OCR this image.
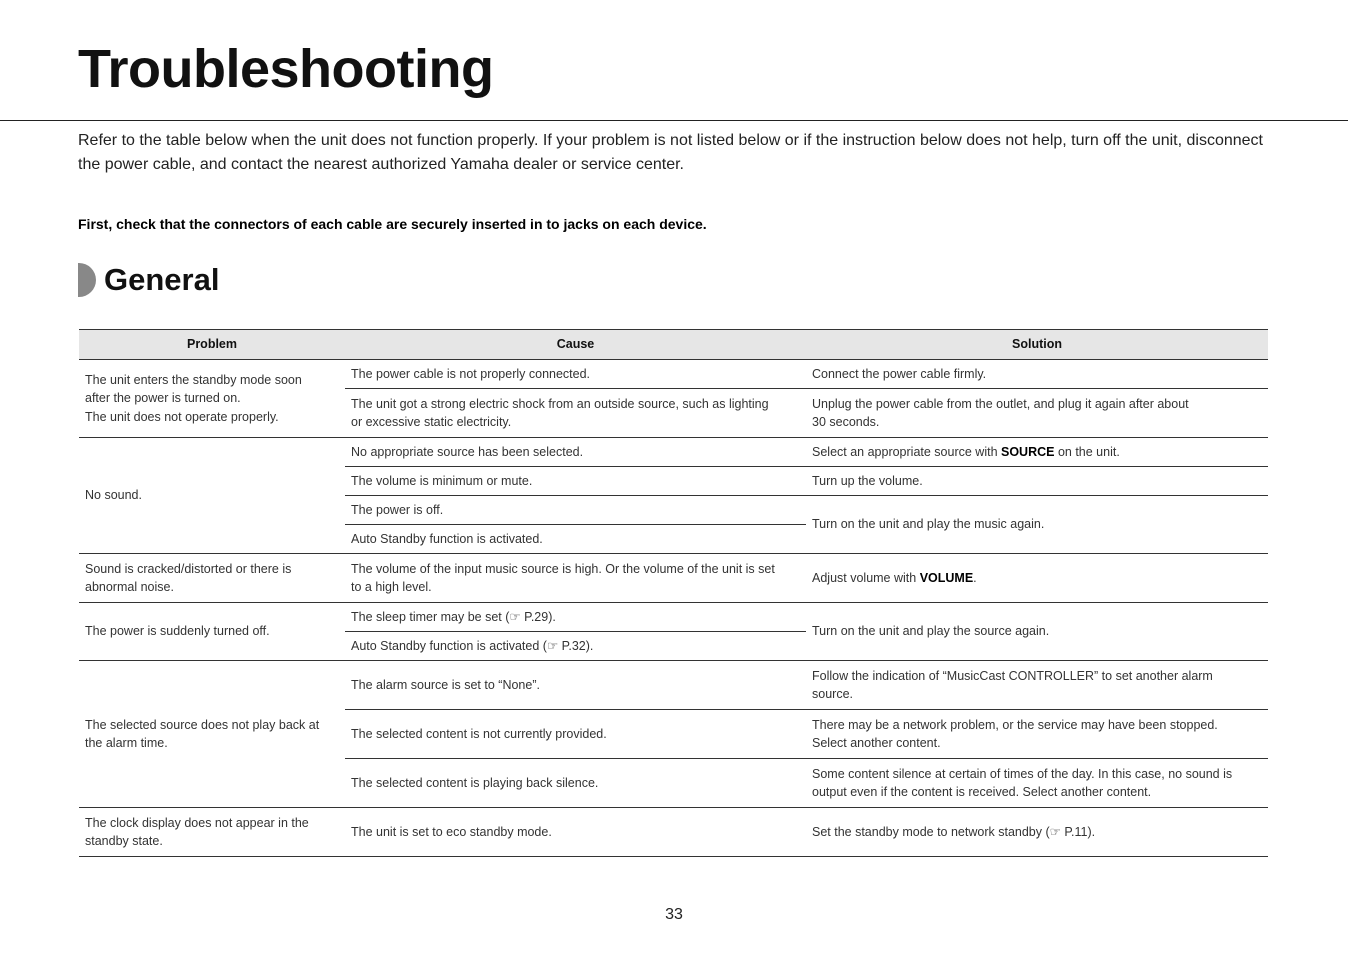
Troubleshooting

Refer to the table below when the unit does not function properly. If your problem is not listed below or if the instruction below does not help, turn off the unit, disconnect the power cable, and contact the nearest authorized Yamaha dealer or service center.

First, check that the connectors of each cable are securely inserted in to jacks on each device.

General
Problem	Cause	Solution
The unit enters the standby mode soon
after the power is turned on.
The unit does not operate properly.	The power cable is not properly connected.	Connect the power cable firmly.
	The unit got a strong electric shock from an outside source, such as lighting
or excessive static electricity.	Unplug the power cable from the outlet, and plug it again after about
30 seconds.
No sound.	No appropriate source has been selected.	Select an appropriate source with SOURCE on the unit.
	The volume is minimum or mute.	Turn up the volume.
	The power is off.	Turn on the unit and play the music again.
	Auto Standby function is activated.	
Sound is cracked/distorted or there is
abnormal noise.	The volume of the input music source is high. Or the volume of the unit is set
to a high level.	Adjust volume with VOLUME.
The power is suddenly turned off.	The sleep timer may be set (☞ P.29).	Turn on the unit and play the source again.
	Auto Standby function is activated (☞ P.32).	
The selected source does not play back at
the alarm time.	The alarm source is set to “None”.	Follow the indication of “MusicCast CONTROLLER” to set another alarm
source.
	The selected content is not currently provided.	There may be a network problem, or the service may have been stopped.
Select another content.
	The selected content is playing back silence.	Some content silence at certain of times of the day. In this case, no sound is
output even if the content is received. Select another content.
The clock display does not appear in the
standby state.	The unit is set to eco standby mode.	Set the standby mode to network standby (☞ P.11).
33
